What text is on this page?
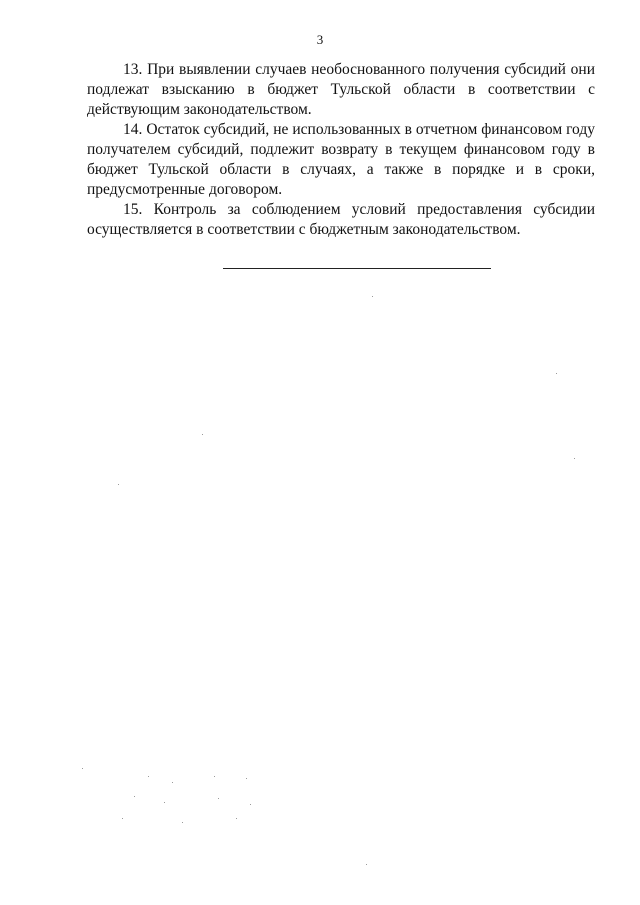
3

13. При выявлении случаев необоснованного получения субсидий они подлежат взысканию в бюджет Тульской области в соответствии с действующим законодательством.

14. Остаток субсидий, не использованных в отчетном финансовом году получателем субсидий, подлежит возврату в текущем финансовом году в бюджет Тульской области в случаях, а также в порядке и в сроки, предусмотренные договором.

15. Контроль за соблюдением условий предоставления субсидии осуществляется в соответствии с бюджетным законодательством.
